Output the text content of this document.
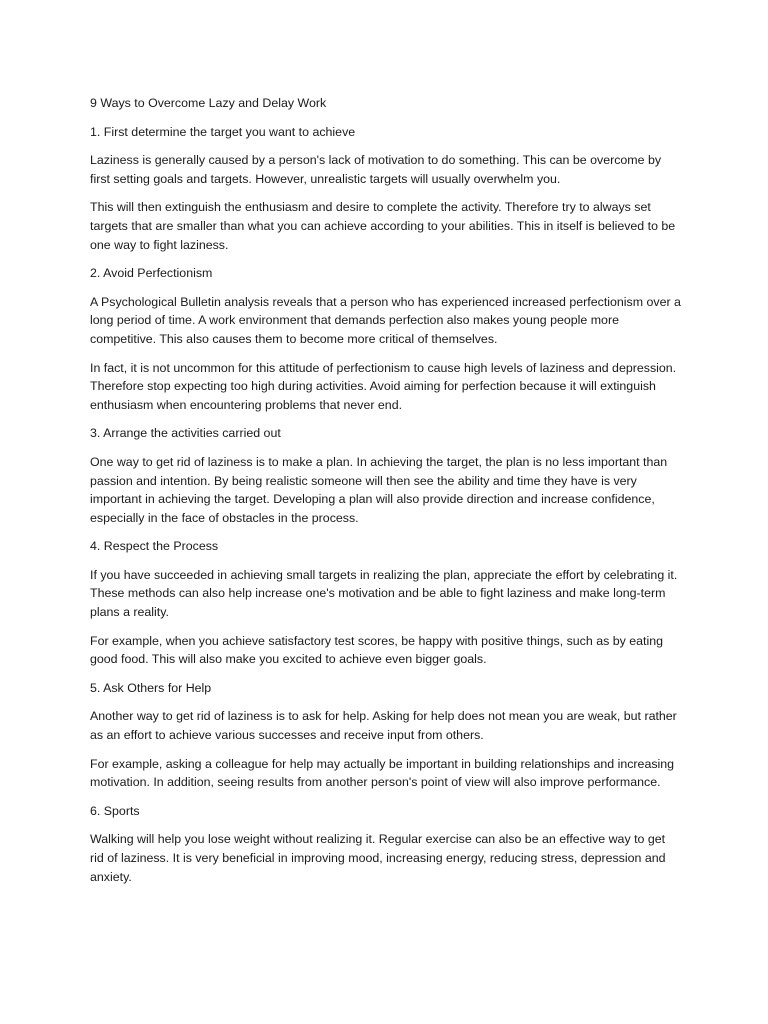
9 Ways to Overcome Lazy and Delay Work

1. First determine the target you want to achieve

Laziness is generally caused by a person's lack of motivation to do something. This can be overcome by first setting goals and targets. However, unrealistic targets will usually overwhelm you.

This will then extinguish the enthusiasm and desire to complete the activity. Therefore try to always set targets that are smaller than what you can achieve according to your abilities. This in itself is believed to be one way to fight laziness.

2. Avoid Perfectionism

A Psychological Bulletin analysis reveals that a person who has experienced increased perfectionism over a long period of time. A work environment that demands perfection also makes young people more competitive. This also causes them to become more critical of themselves.

In fact, it is not uncommon for this attitude of perfectionism to cause high levels of laziness and depression. Therefore stop expecting too high during activities. Avoid aiming for perfection because it will extinguish enthusiasm when encountering problems that never end.

3. Arrange the activities carried out

One way to get rid of laziness is to make a plan. In achieving the target, the plan is no less important than passion and intention. By being realistic someone will then see the ability and time they have is very important in achieving the target. Developing a plan will also provide direction and increase confidence, especially in the face of obstacles in the process.

4. Respect the Process

If you have succeeded in achieving small targets in realizing the plan, appreciate the effort by celebrating it. These methods can also help increase one's motivation and be able to fight laziness and make long-term plans a reality.

For example, when you achieve satisfactory test scores, be happy with positive things, such as by eating good food. This will also make you excited to achieve even bigger goals.

5. Ask Others for Help

Another way to get rid of laziness is to ask for help. Asking for help does not mean you are weak, but rather as an effort to achieve various successes and receive input from others.

For example, asking a colleague for help may actually be important in building relationships and increasing motivation. In addition, seeing results from another person's point of view will also improve performance.

6. Sports

Walking will help you lose weight without realizing it. Regular exercise can also be an effective way to get rid of laziness. It is very beneficial in improving mood, increasing energy, reducing stress, depression and anxiety.
